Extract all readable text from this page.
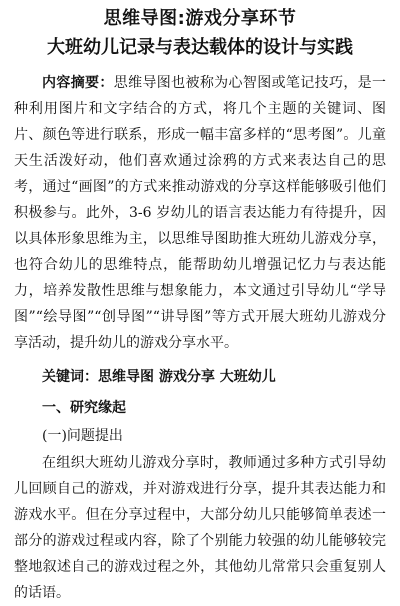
思维导图:游戏分享环节
大班幼儿记录与表达载体的设计与实践

内容摘要：思维导图也被称为心智图或笔记技巧，是一种利用图片和文字结合的方式，将几个主题的关键词、图片、颜色等进行联系，形成一幅丰富多样的“思考图”。儿童天生活泼好动，他们喜欢通过涂鸦的方式来表达自己的思考，通过“画图”的方式来推动游戏的分享这样能够吸引他们积极参与。此外，3-6 岁幼儿的语言表达能力有待提升，因以具体形象思维为主，以思维导图助推大班幼儿游戏分享，也符合幼儿的思维特点，能帮助幼儿增强记忆力与表达能力，培养发散性思维与想象能力，本文通过引导幼儿“学导图”“绘导图”“创导图”“讲导图”等方式开展大班幼儿游戏分享活动，提升幼儿的游戏分享水平。

关键词：思维导图 游戏分享 大班幼儿

一、研究缘起

(一)问题提出

在组织大班幼儿游戏分享时，教师通过多种方式引导幼儿回顾自己的游戏，并对游戏进行分享，提升其表达能力和游戏水平。但在分享过程中，大部分幼儿只能够简单表述一部分的游戏过程或内容，除了个别能力较强的幼儿能够较完整地叙述自己的游戏过程之外，其他幼儿常常只会重复别人的话语。
